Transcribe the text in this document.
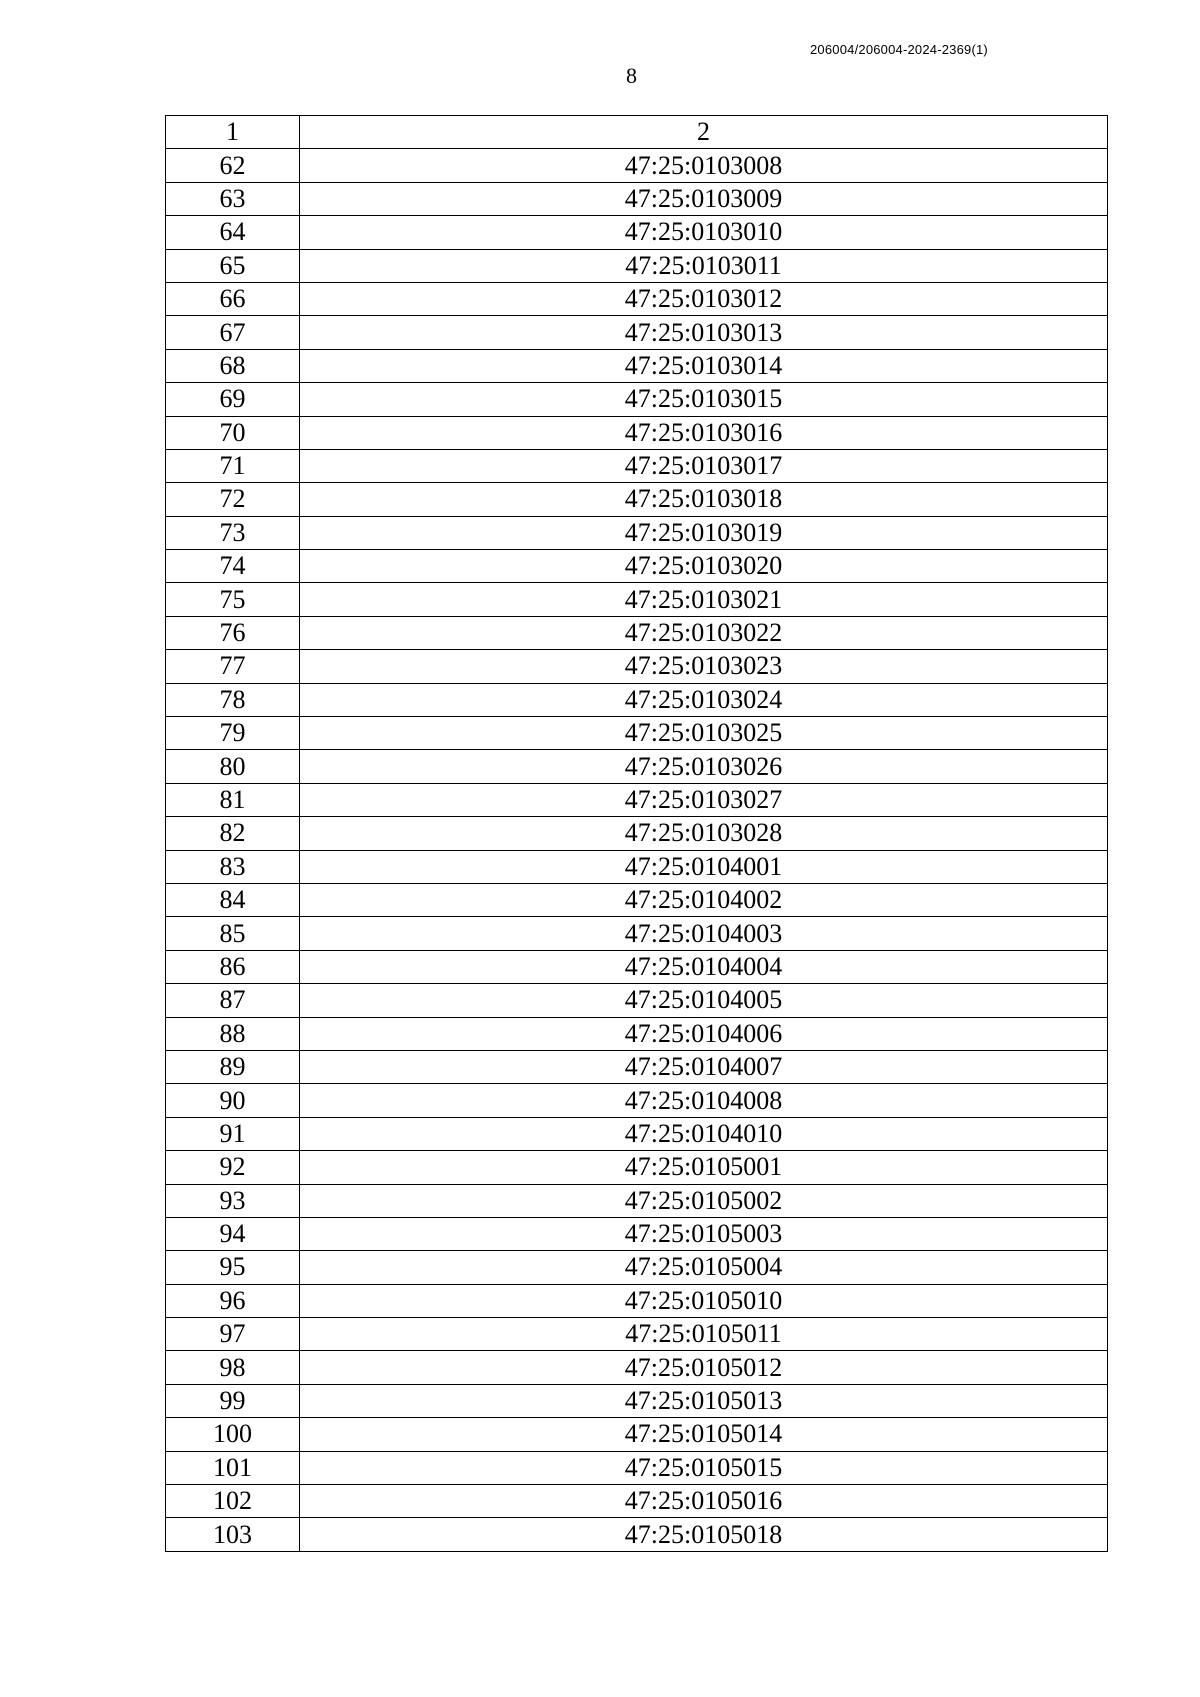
206004/206004-2024-2369(1)
8
1	2
62	47:25:0103008
63	47:25:0103009
64	47:25:0103010
65	47:25:0103011
66	47:25:0103012
67	47:25:0103013
68	47:25:0103014
69	47:25:0103015
70	47:25:0103016
71	47:25:0103017
72	47:25:0103018
73	47:25:0103019
74	47:25:0103020
75	47:25:0103021
76	47:25:0103022
77	47:25:0103023
78	47:25:0103024
79	47:25:0103025
80	47:25:0103026
81	47:25:0103027
82	47:25:0103028
83	47:25:0104001
84	47:25:0104002
85	47:25:0104003
86	47:25:0104004
87	47:25:0104005
88	47:25:0104006
89	47:25:0104007
90	47:25:0104008
91	47:25:0104010
92	47:25:0105001
93	47:25:0105002
94	47:25:0105003
95	47:25:0105004
96	47:25:0105010
97	47:25:0105011
98	47:25:0105012
99	47:25:0105013
100	47:25:0105014
101	47:25:0105015
102	47:25:0105016
103	47:25:0105018
